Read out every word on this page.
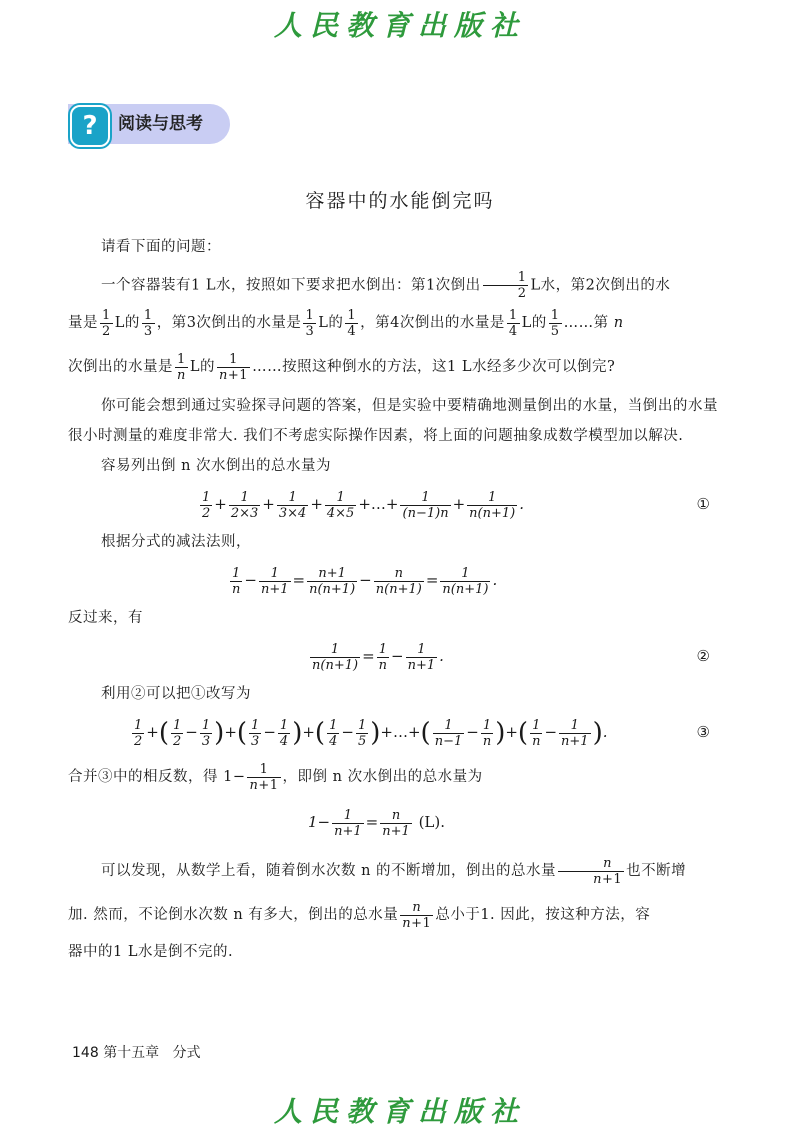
人民教育出版社
?	阅读与思考
容器中的水能倒完吗

请看下面的问题：

一个容器装有1 L水，按照如下要求把水倒出：第1次倒出 $\frac{1}{2}$ L水，第2次倒出的水

量是 $\frac{1}{2}$ L的 $\frac{1}{3}$ ，第3次倒出的水量是 $\frac{1}{3}$ L的 $\frac{1}{4}$ ，第4次倒出的水量是 $\frac{1}{4}$ L的 $\frac{1}{5}$ ……第 n

次倒出的水量是 $\frac{1}{n}$ L的 $\frac{1}{n+1}$ ……按照这种倒水的方法，这1 L水经多少次可以倒完?

你可能会想到通过实验探寻问题的答案，但是实验中要精确地测量倒出的水量，当倒出的水量很小时测量的难度非常大. 我们不考虑实际操作因素，将上面的问题抽象成数学模型加以解决.

容易列出倒 n 次水倒出的总水量为

$\frac{1}{2} + \frac{1}{2\times 3} + \frac{1}{3\times 4} + \frac{1}{4\times 5}$ +…+ $\frac{1}{(n-1)n} + \frac{1}{n(n+1)}$ .	①

根据分式的减法法则，

$\frac{1}{n} - \frac{1}{n+1} = \frac{n+1}{n(n+1)} - \frac{n}{n(n+1)} = \frac{1}{n(n+1)}$ .

反过来，有

$\frac{1}{n(n+1)} = \frac{1}{n} - \frac{1}{n+1}$ .	②

利用②可以把①改写为

$\frac{1}{2}$ +( $\frac{1}{2} - \frac{1}{3}$ )+( $\frac{1}{3} - \frac{1}{4}$ )+( $\frac{1}{4} - \frac{1}{5}$ )+…+( $\frac{1}{n-1} - \frac{1}{n}$ )+( $\frac{1}{n} - \frac{1}{n+1}$ ).	③

合并③中的相反数，得 $1- \frac{1}{n+1}$ ，即倒 n 次水倒出的总水量为

$1- \frac{1}{n+1} = \frac{n}{n+1} (L)$.

可以发现，从数学上看，随着倒水次数 n 的不断增加，倒出的总水量 $\frac{n}{n+1}$ 也不断增

加. 然而，不论倒水次数 n 有多大，倒出的总水量 $\frac{n}{n+1}$ 总小于1. 因此，按这种方法，容

器中的1 L水是倒不完的.

148 第十五章 分式
人民教育出版社
